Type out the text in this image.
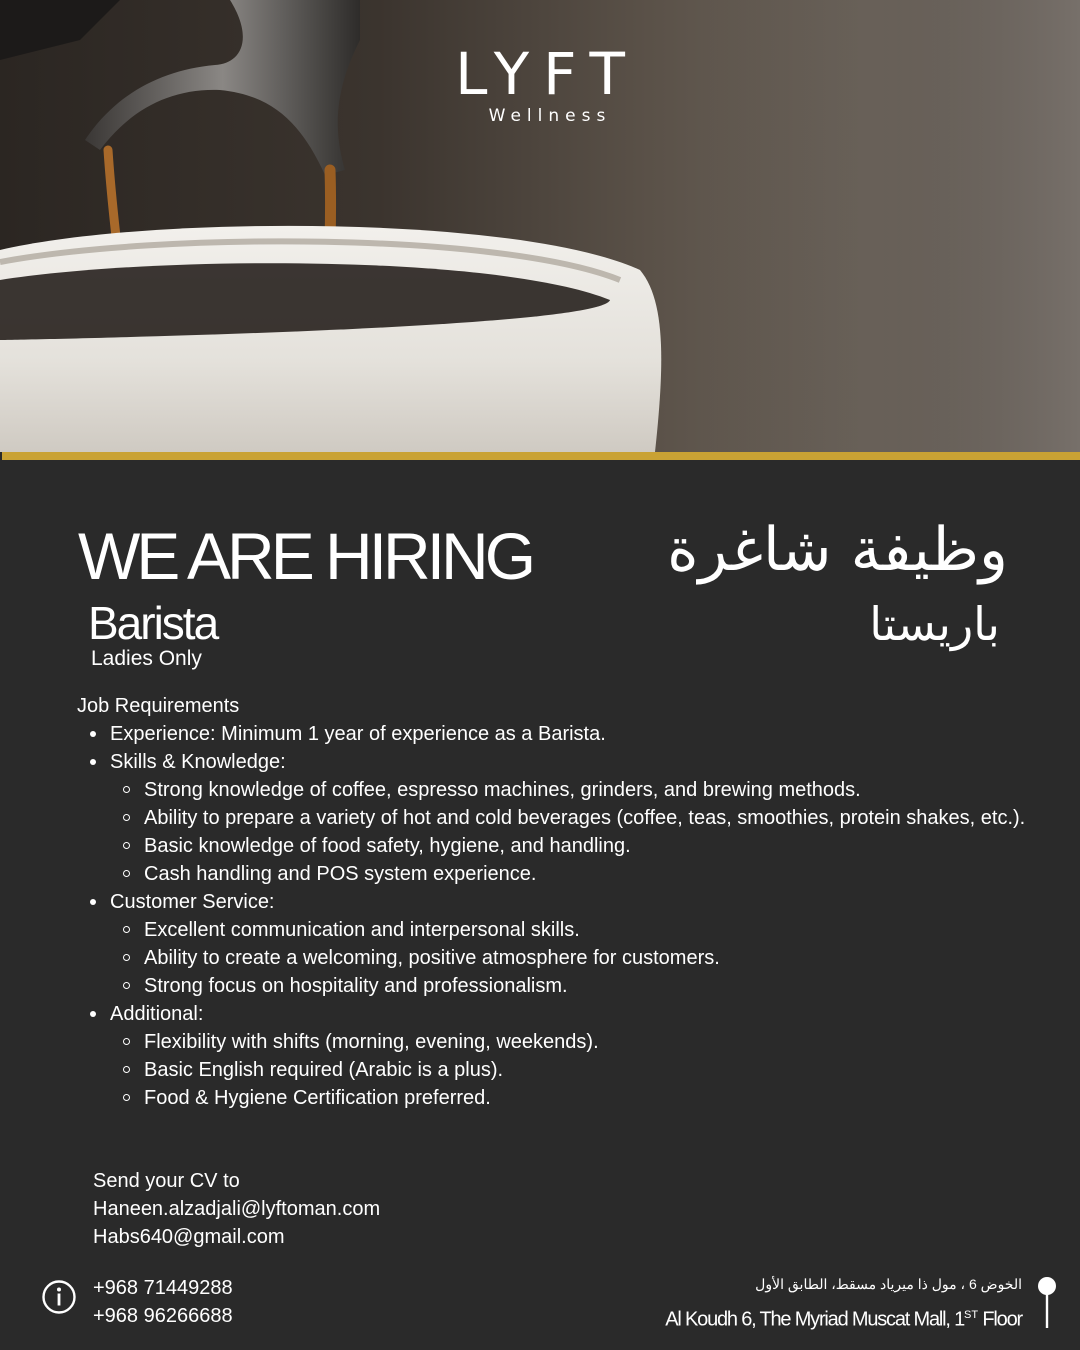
LYFT
Wellness
WE ARE HIRING
Barista
Ladies Only
وظيفة شاغرة
باريستا
Job Requirements
Experience: Minimum 1 year of experience as a Barista.
Skills & Knowledge:
Strong knowledge of coffee, espresso machines, grinders, and brewing methods.
Ability to prepare a variety of hot and cold beverages (coffee, teas, smoothies, protein shakes, etc.).
Basic knowledge of food safety, hygiene, and handling.
Cash handling and POS system experience.
Customer Service:
Excellent communication and interpersonal skills.
Ability to create a welcoming, positive atmosphere for customers.
Strong focus on hospitality and professionalism.
Additional:
Flexibility with shifts (morning, evening, weekends).
Basic English required (Arabic is a plus).
Food & Hygiene Certification preferred.
Send your CV to
Haneen.alzadjali@lyftoman.com
Habs640@gmail.com
+968 71449288
+968 96266688
الخوض 6 ، مول ذا ميرياد مسقط، الطابق الأول
Al Koudh 6, The Myriad Muscat Mall, 1ST Floor
